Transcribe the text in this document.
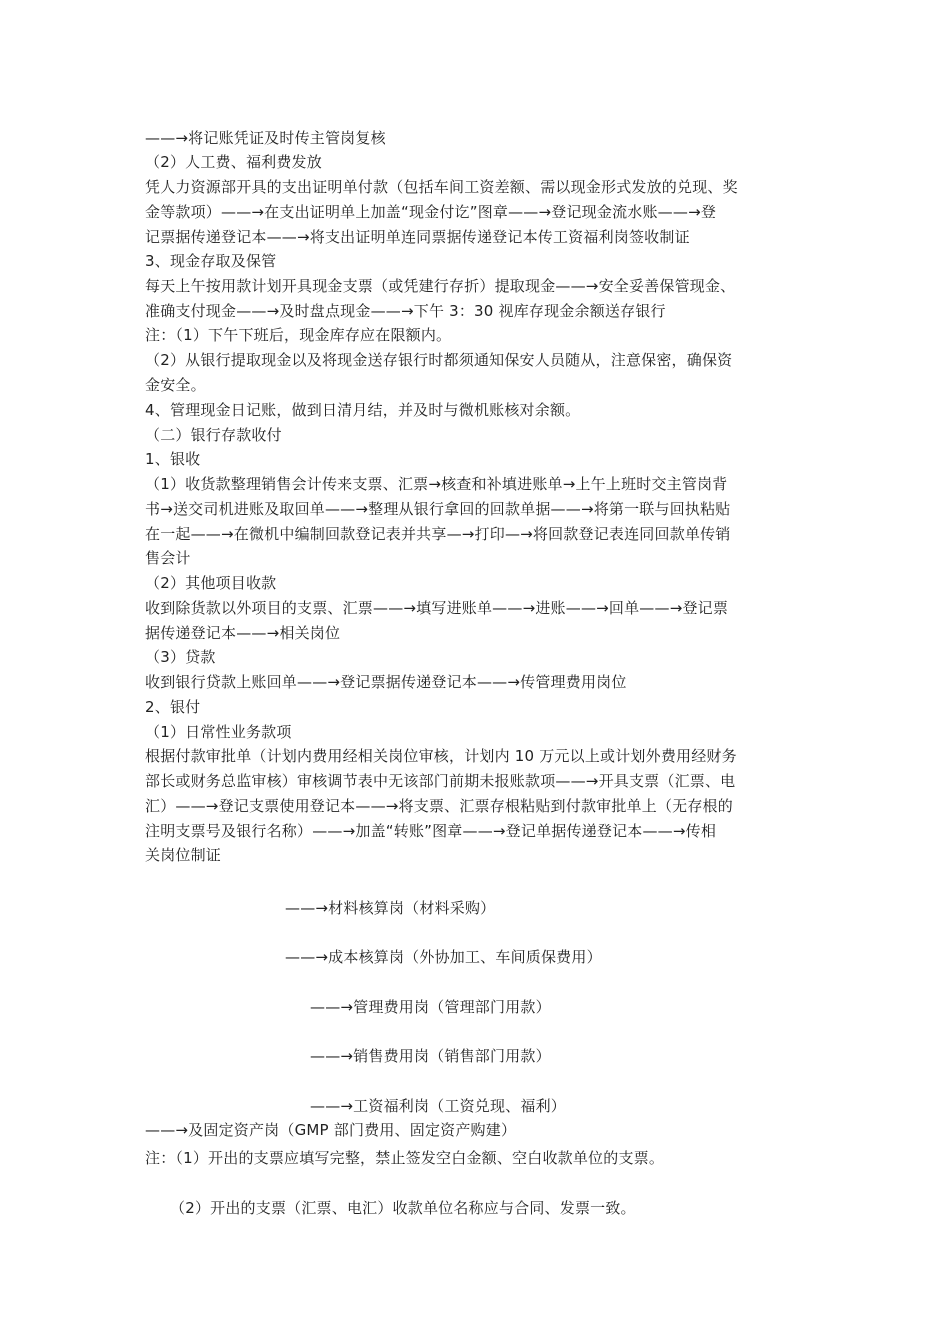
——→将记账凭证及时传主管岗复核
（2）人工费、福利费发放
凭人力资源部开具的支出证明单付款（包括车间工资差额、需以现金形式发放的兑现、奖
金等款项）——→在支出证明单上加盖“现金付讫”图章——→登记现金流水账——→登
记票据传递登记本——→将支出证明单连同票据传递登记本传工资福利岗签收制证
3、现金存取及保管
每天上午按用款计划开具现金支票（或凭建行存折）提取现金——→安全妥善保管现金、
准确支付现金——→及时盘点现金——→下午 3：30 视库存现金余额送存银行
注：（1）下午下班后，现金库存应在限额内。
（2）从银行提取现金以及将现金送存银行时都须通知保安人员随从，注意保密，确保资
金安全。
4、管理现金日记账，做到日清月结，并及时与微机账核对余额。
（二）银行存款收付
1、银收
（1）收货款整理销售会计传来支票、汇票→核查和补填进账单→上午上班时交主管岗背
书→送交司机进账及取回单——→整理从银行拿回的回款单据——→将第一联与回执粘贴
在一起——→在微机中编制回款登记表并共享—→打印—→将回款登记表连同回款单传销
售会计
（2）其他项目收款
收到除货款以外项目的支票、汇票——→填写进账单——→进账——→回单——→登记票
据传递登记本——→相关岗位
（3）贷款
收到银行贷款上账回单——→登记票据传递登记本——→传管理费用岗位
2、银付
（1）日常性业务款项
根据付款审批单（计划内费用经相关岗位审核，计划内 10 万元以上或计划外费用经财务
部长或财务总监审核）审核调节表中无该部门前期未报账款项——→开具支票（汇票、电
汇）——→登记支票使用登记本——→将支票、汇票存根粘贴到付款审批单上（无存根的
注明支票号及银行名称）——→加盖“转账”图章——→登记单据传递登记本——→传相
关岗位制证
——→材料核算岗（材料采购）
——→成本核算岗（外协加工、车间质保费用）
——→管理费用岗（管理部门用款）
——→销售费用岗（销售部门用款）
——→工资福利岗（工资兑现、福利）
——→及固定资产岗（GMP 部门费用、固定资产购建）
注：（1）开出的支票应填写完整，禁止签发空白金额、空白收款单位的支票。
（2）开出的支票（汇票、电汇）收款单位名称应与合同、发票一致。
